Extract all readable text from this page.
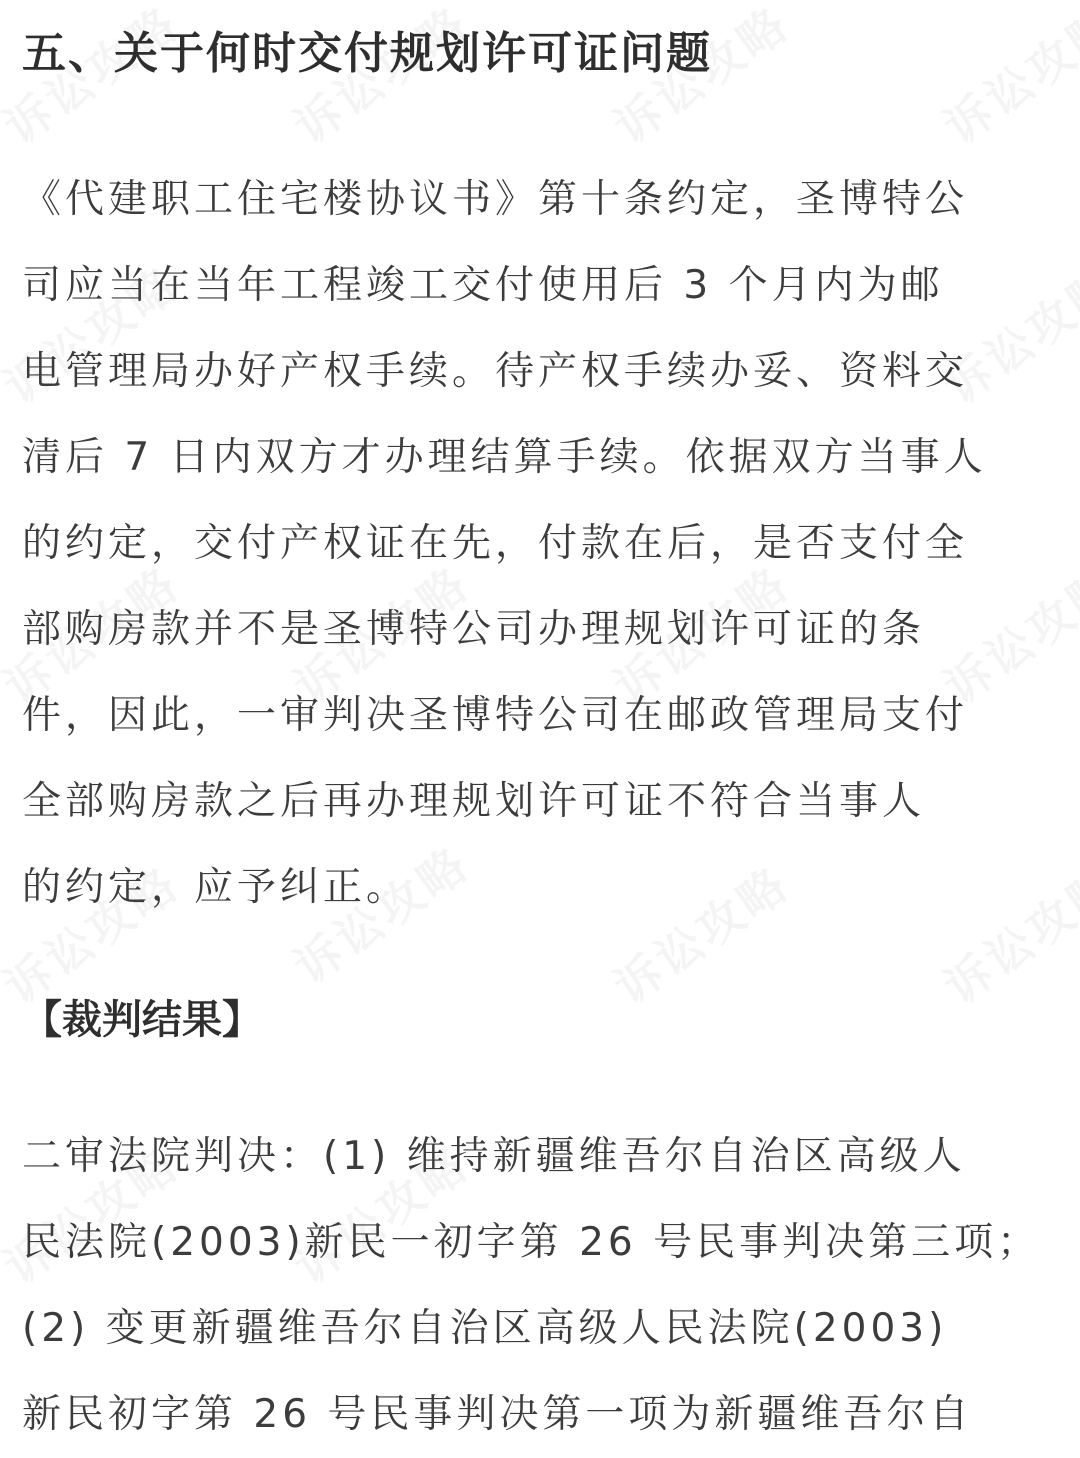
五、关于何时交付规划许可证问题

《代建职工住宅楼协议书》第十条约定，圣博特公
司应当在当年工程竣工交付使用后 3 个月内为邮
电管理局办好产权手续。待产权手续办妥、资料交
清后 7 日内双方才办理结算手续。依据双方当事人
的约定，交付产权证在先，付款在后，是否支付全
部购房款并不是圣博特公司办理规划许可证的条
件，因此，一审判决圣博特公司在邮政管理局支付
全部购房款之后再办理规划许可证不符合当事人
的约定，应予纠正。

【裁判结果】

二审法院判决：(1) 维持新疆维吾尔自治区高级人
民法院(2003)新民一初字第 26 号民事判决第三项；
(2) 变更新疆维吾尔自治区高级人民法院(2003)
新民初字第 26 号民事判决第一项为新疆维吾尔自
